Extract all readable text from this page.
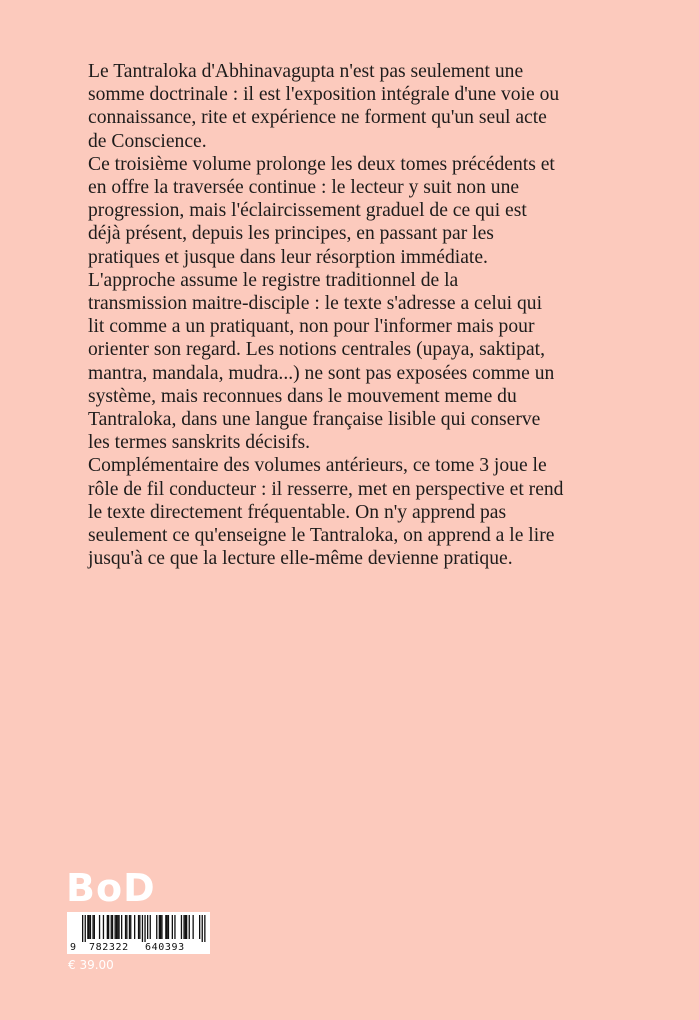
Le Tantraloka d'Abhinavagupta n'est pas seulement une
somme doctrinale : il est l'exposition intégrale d'une voie ou
connaissance, rite et expérience ne forment qu'un seul acte
de Conscience.

Ce troisième volume prolonge les deux tomes précédents et
en offre la traversée continue : le lecteur y suit non une
progression, mais l'éclaircissement graduel de ce qui est
déjà présent, depuis les principes, en passant par les
pratiques et jusque dans leur résorption immédiate.

L'approche assume le registre traditionnel de la
transmission maitre-disciple : le texte s'adresse a celui qui
lit comme a un pratiquant, non pour l'informer mais pour
orienter son regard. Les notions centrales (upaya, saktipat,
mantra, mandala, mudra...) ne sont pas exposées comme un
système, mais reconnues dans le mouvement meme du
Tantraloka, dans une langue française lisible qui conserve
les termes sanskrits décisifs.

Complémentaire des volumes antérieurs, ce tome 3 joue le
rôle de fil conducteur : il resserre, met en perspective et rend
le texte directement fréquentable. On n'y apprend pas
seulement ce qu'enseigne le Tantraloka, on apprend a le lire
jusqu'à ce que la lecture elle-même devienne pratique.

BoD
9 782322 640393
€ 39.00
